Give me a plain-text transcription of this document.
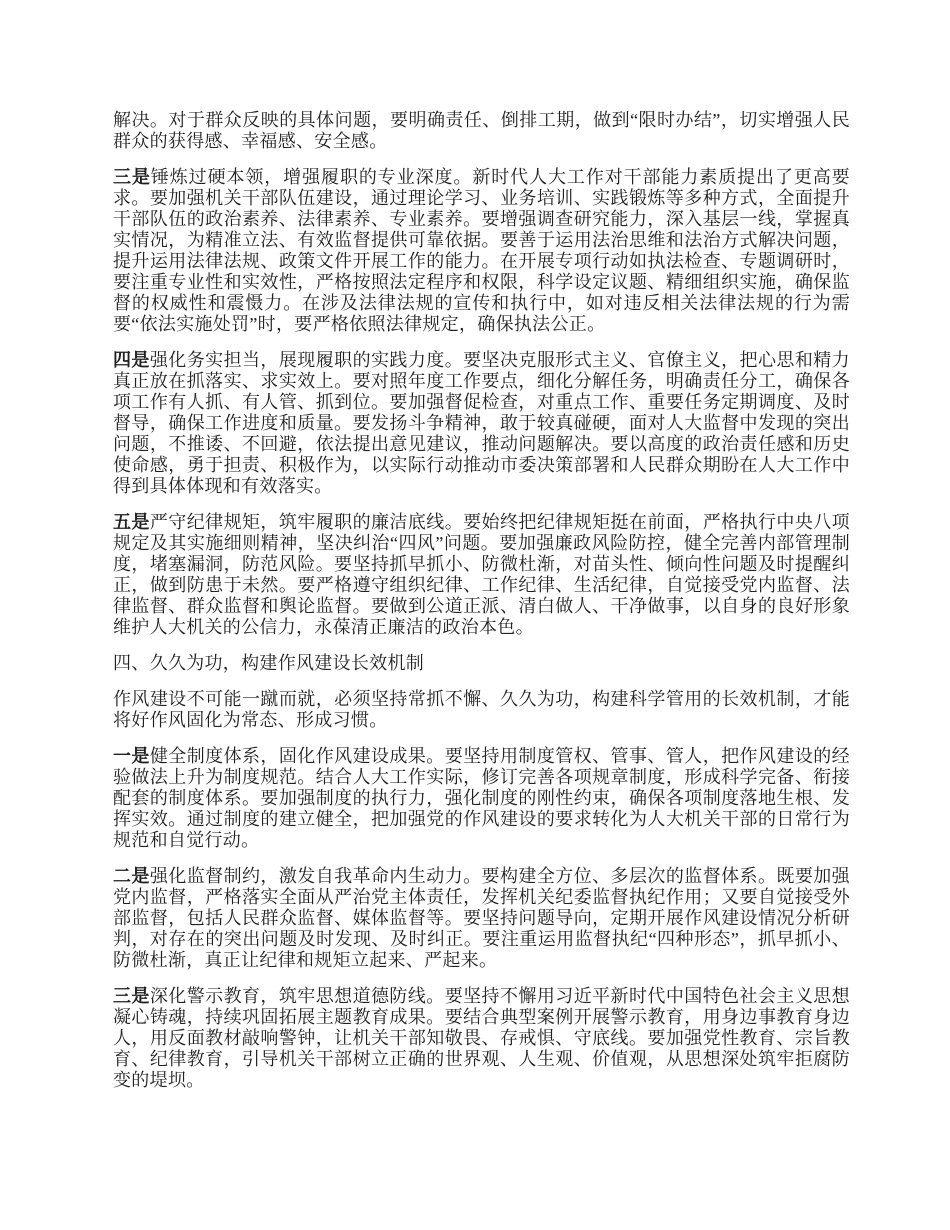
解决。对于群众反映的具体问题，要明确责任、倒排工期，做到“限时办结”，切实增强人民群众的获得感、幸福感、安全感。

三是锤炼过硬本领，增强履职的专业深度。新时代人大工作对干部能力素质提出了更高要求。要加强机关干部队伍建设，通过理论学习、业务培训、实践锻炼等多种方式，全面提升干部队伍的政治素养、法律素养、专业素养。要增强调查研究能力，深入基层一线，掌握真实情况，为精准立法、有效监督提供可靠依据。要善于运用法治思维和法治方式解决问题，提升运用法律法规、政策文件开展工作的能力。在开展专项行动如执法检查、专题调研时，要注重专业性和实效性，严格按照法定程序和权限，科学设定议题、精细组织实施，确保监督的权威性和震慑力。在涉及法律法规的宣传和执行中，如对违反相关法律法规的行为需要“依法实施处罚”时，要严格依照法律规定，确保执法公正。

四是强化务实担当，展现履职的实践力度。要坚决克服形式主义、官僚主义，把心思和精力真正放在抓落实、求实效上。要对照年度工作要点，细化分解任务，明确责任分工，确保各项工作有人抓、有人管、抓到位。要加强督促检查，对重点工作、重要任务定期调度、及时督导，确保工作进度和质量。要发扬斗争精神，敢于较真碰硬，面对人大监督中发现的突出问题，不推诿、不回避，依法提出意见建议，推动问题解决。要以高度的政治责任感和历史使命感，勇于担责、积极作为，以实际行动推动市委决策部署和人民群众期盼在人大工作中得到具体体现和有效落实。

五是严守纪律规矩，筑牢履职的廉洁底线。要始终把纪律规矩挺在前面，严格执行中央八项规定及其实施细则精神，坚决纠治“四风”问题。要加强廉政风险防控，健全完善内部管理制度，堵塞漏洞，防范风险。要坚持抓早抓小、防微杜渐，对苗头性、倾向性问题及时提醒纠正，做到防患于未然。要严格遵守组织纪律、工作纪律、生活纪律，自觉接受党内监督、法律监督、群众监督和舆论监督。要做到公道正派、清白做人、干净做事，以自身的良好形象维护人大机关的公信力，永葆清正廉洁的政治本色。

四、久久为功，构建作风建设长效机制

作风建设不可能一蹴而就，必须坚持常抓不懈、久久为功，构建科学管用的长效机制，才能将好作风固化为常态、形成习惯。

一是健全制度体系，固化作风建设成果。要坚持用制度管权、管事、管人，把作风建设的经验做法上升为制度规范。结合人大工作实际，修订完善各项规章制度，形成科学完备、衔接配套的制度体系。要加强制度的执行力，强化制度的刚性约束，确保各项制度落地生根、发挥实效。通过制度的建立健全，把加强党的作风建设的要求转化为人大机关干部的日常行为规范和自觉行动。

二是强化监督制约，激发自我革命内生动力。要构建全方位、多层次的监督体系。既要加强党内监督，严格落实全面从严治党主体责任，发挥机关纪委监督执纪作用；又要自觉接受外部监督，包括人民群众监督、媒体监督等。要坚持问题导向，定期开展作风建设情况分析研判，对存在的突出问题及时发现、及时纠正。要注重运用监督执纪“四种形态”，抓早抓小、防微杜渐，真正让纪律和规矩立起来、严起来。

三是深化警示教育，筑牢思想道德防线。要坚持不懈用习近平新时代中国特色社会主义思想凝心铸魂，持续巩固拓展主题教育成果。要结合典型案例开展警示教育，用身边事教育身边人，用反面教材敲响警钟，让机关干部知敬畏、存戒惧、守底线。要加强党性教育、宗旨教育、纪律教育，引导机关干部树立正确的世界观、人生观、价值观，从思想深处筑牢拒腐防变的堤坝。
